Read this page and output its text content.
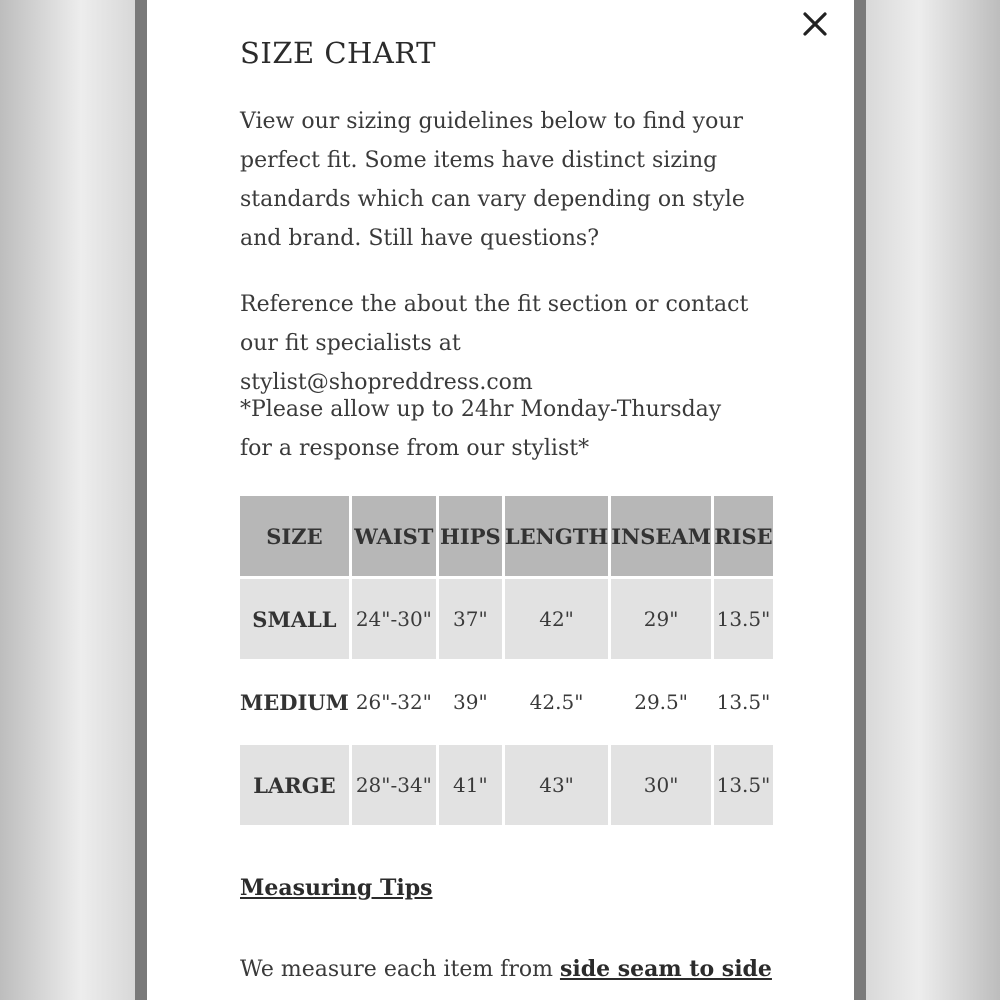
SIZE CHART

View our sizing guidelines below to find your perfect fit. Some items have distinct sizing standards which can vary depending on style and brand. Still have questions?

Reference the about the fit section or contact our fit specialists at stylist@shopreddress.com

*Please allow up to 24hr Monday-Thursday for a response from our stylist*

SIZE	WAIST	HIPS	LENGTH	INSEAM	RISE
SMALL	24"-30"	37"	42"	29"	13.5"
MEDIUM	26"-32"	39"	42.5"	29.5"	13.5"
LARGE	28"-34"	41"	43"	30"	13.5"
Measuring Tips

We measure each item from side seam to side
